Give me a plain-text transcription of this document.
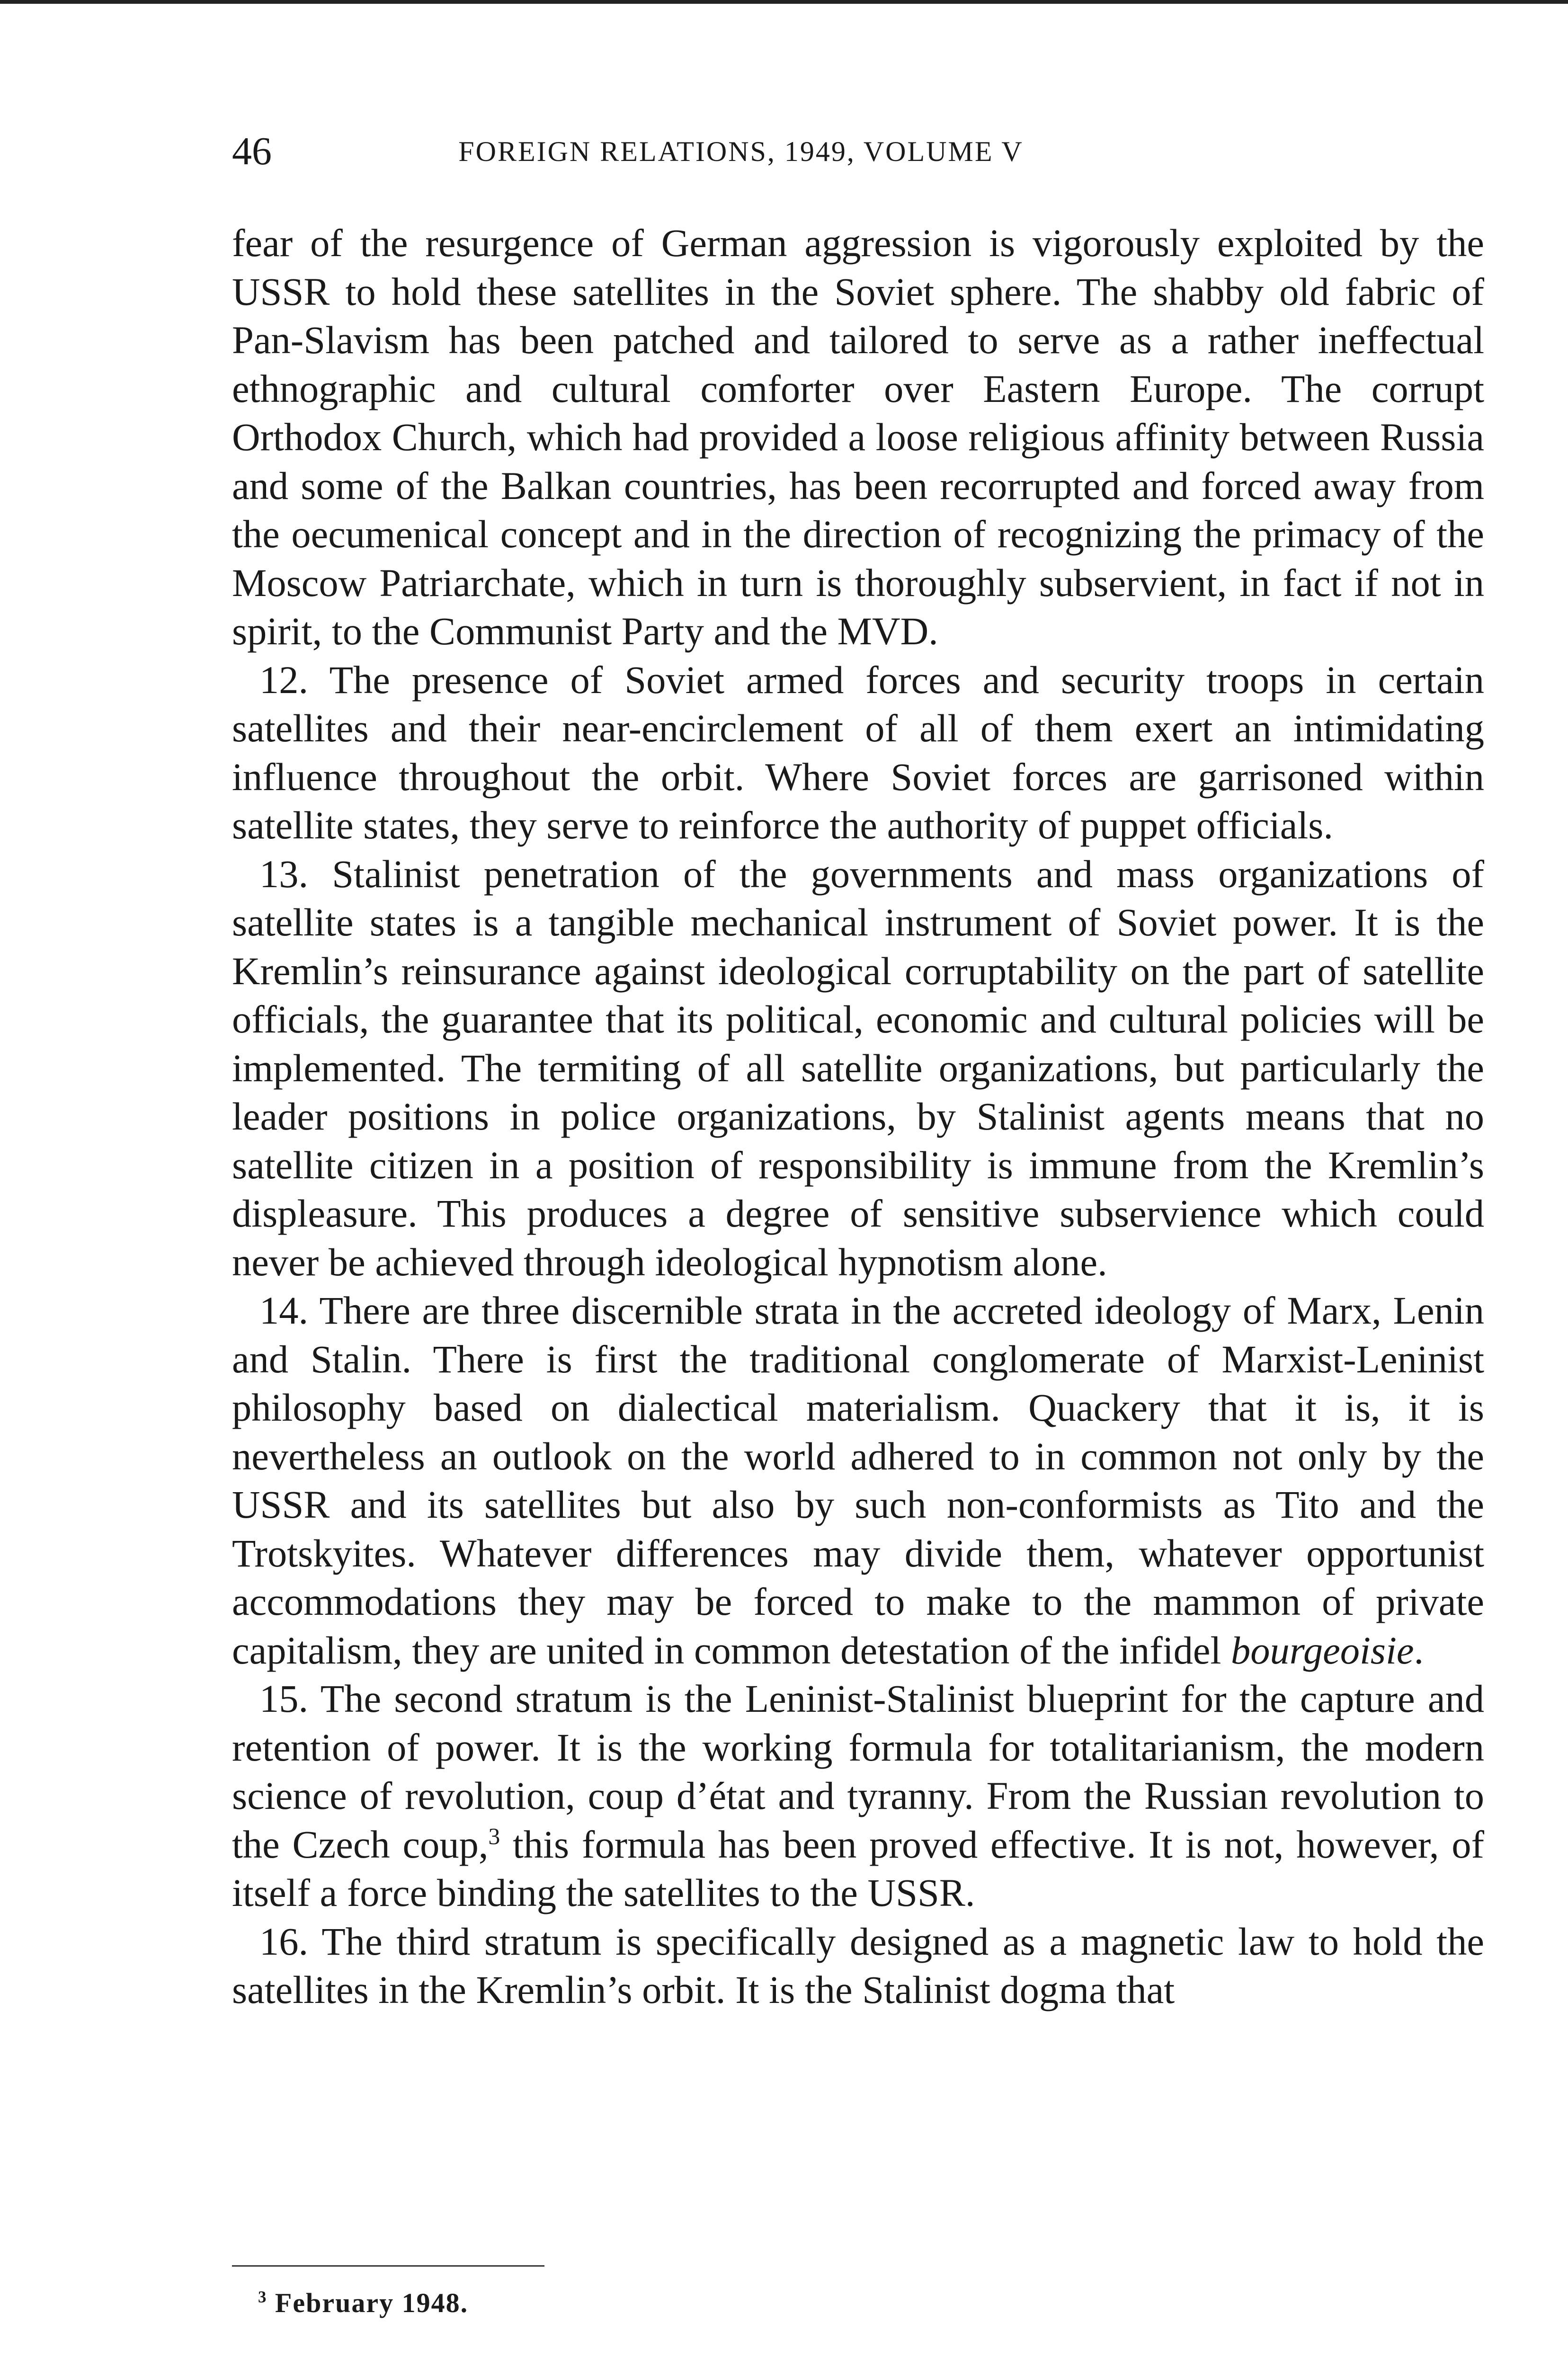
46	FOREIGN RELATIONS, 1949, VOLUME V

fear of the resurgence of German aggression is vigorously exploited by the USSR to hold these satellites in the Soviet sphere. The shabby old fabric of Pan-Slavism has been patched and tailored to serve as a rather ineffectual ethnographic and cultural comforter over Eastern Europe. The corrupt Orthodox Church, which had provided a loose religious affinity between Russia and some of the Balkan countries, has been recorrupted and forced away from the oecumenical concept and in the direction of recognizing the primacy of the Moscow Patriarchate, which in turn is thoroughly subservient, in fact if not in spirit, to the Communist Party and the MVD.

12. The presence of Soviet armed forces and security troops in certain satellites and their near-encirclement of all of them exert an intimidating influence throughout the orbit. Where Soviet forces are garrisoned within satellite states, they serve to reinforce the authority of puppet officials.

13. Stalinist penetration of the governments and mass organizations of satellite states is a tangible mechanical instrument of Soviet power. It is the Kremlin’s reinsurance against ideological corruptability on the part of satellite officials, the guarantee that its political, economic and cultural policies will be implemented. The termiting of all satellite organizations, but particularly the leader positions in police organizations, by Stalinist agents means that no satellite citizen in a position of responsibility is immune from the Kremlin’s displeasure. This produces a degree of sensitive subservience which could never be achieved through ideological hypnotism alone.

14. There are three discernible strata in the accreted ideology of Marx, Lenin and Stalin. There is first the traditional conglomerate of Marxist-Leninist philosophy based on dialectical materialism. Quackery that it is, it is nevertheless an outlook on the world adhered to in common not only by the USSR and its satellites but also by such non-conformists as Tito and the Trotskyites. Whatever differences may divide them, whatever opportunist accommodations they may be forced to make to the mammon of private capitalism, they are united in common detestation of the infidel bourgeoisie.

15. The second stratum is the Leninist-Stalinist blueprint for the capture and retention of power. It is the working formula for totalitarianism, the modern science of revolution, coup d’état and tyranny. From the Russian revolution to the Czech coup,$^3$ this formula has been proved effective. It is not, however, of itself a force binding the satellites to the USSR.

16. The third stratum is specifically designed as a magnetic law to hold the satellites in the Kremlin’s orbit. It is the Stalinist dogma that

$^3$ February 1948.
